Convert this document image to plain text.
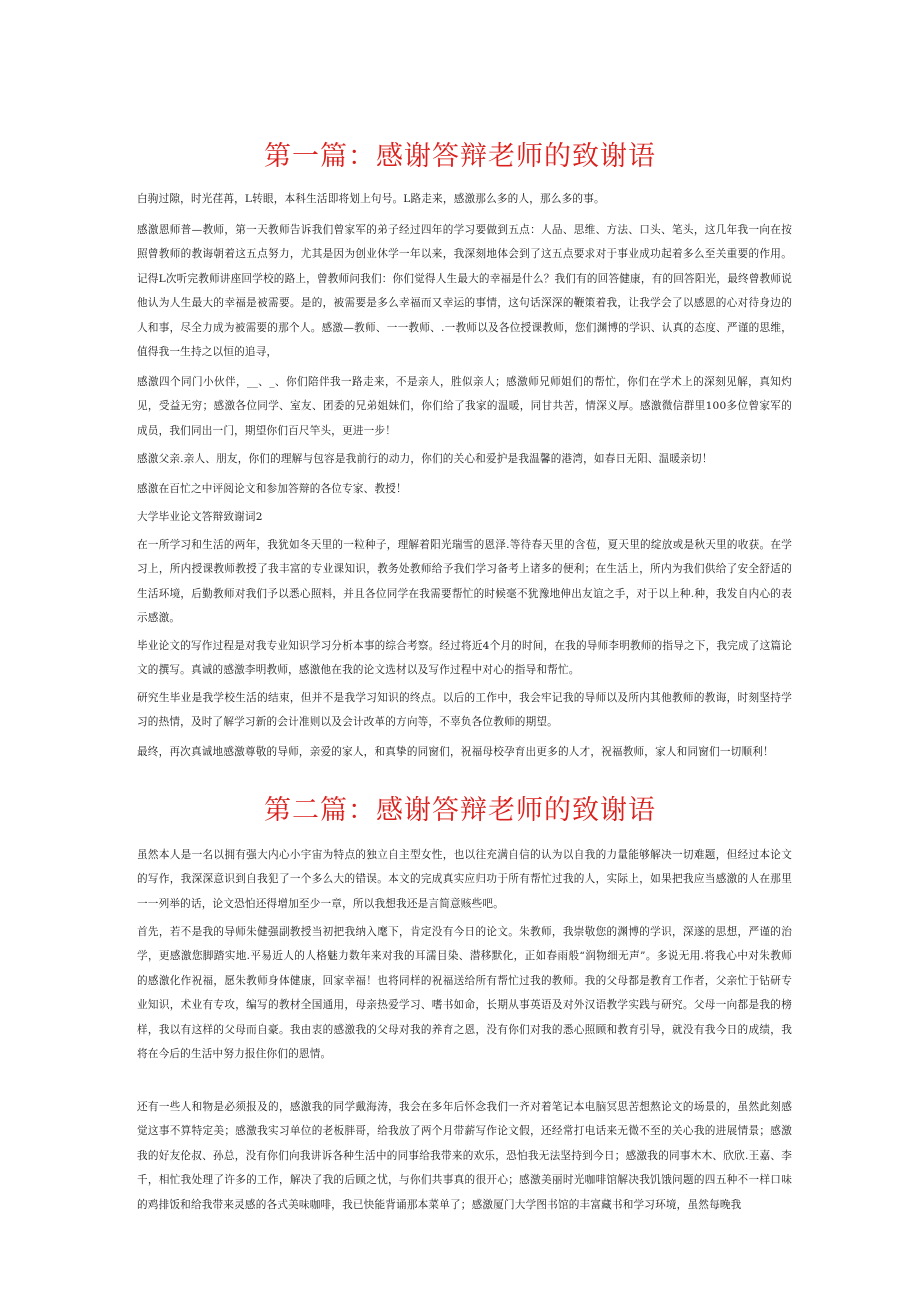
第一篇：感谢答辩老师的致谢语

白驹过隙，时光荏苒，L转眼，本科生活即将划上句号。L路走来，感激那么多的人，那么多的事。

感激恩师普—教师，第一天教师告诉我们曾家军的弟子经过四年的学习要做到五点：人品、思维、方法、口头、笔头，这几年我一向在按照曾教师的教诲朝着这五点努力，尤其是因为创业休学一年以来，我深刻地体会到了这五点要求对于事业成功起着多么至关重要的作用。记得L次听完教师讲座回学校的路上，曾教师问我们：你们觉得人生最大的幸福是什么？我们有的回答健康，有的回答阳光，最终曾教师说他认为人生最大的幸福是被需要。是的，被需要是多么幸福而又幸运的事情，这句话深深的鞭策着我，让我学会了以感恩的心对待身边的人和事，尽全力成为被需要的那个人。感激—教师、一一教师、.一教师以及各位授课教师，您们渊博的学识、认真的态度、严谨的思维，值得我一生持之以恒的追寻，

感激四个同门小伙伴，__、_、你们陪伴我一路走来，不是亲人，胜似亲人；感激师兄师姐们的帮忙，你们在学术上的深刻见解，真知灼见，受益无穷；感激各位同学、室友、团委的兄弟姐妹们，你们给了我家的温暖，同甘共苦，情深义厚。感激微信群里100多位曾家军的成员，我们同出一门，期望你们百尺竿头，更进一步！

感激父亲.亲人、朋友，你们的理解与包容是我前行的动力，你们的关心和爱护是我温馨的港湾，如春日无阳、温暖亲切！

感激在百忙之中评阅论文和参加答辩的各位专家、教授！

大学毕业论文答辩致谢词2

在一所学习和生活的两年，我犹如冬天里的一粒种子，理解着阳光瑞雪的恩泽.等待春天里的含苞，夏天里的绽放或是秋天里的收获。在学习上，所内授课教师教授了我丰富的专业课知识，教务处教师给予我们学习备考上诸多的便利；在生活上，所内为我们供给了安全舒适的生活环境，后勤教师对我们予以悉心照料，并且各位同学在我需要帮忙的时候毫不犹豫地伸出友谊之手，对于以上种.种，我发自内心的表示感激。

毕业论文的写作过程是对我专业知识学习分析本事的综合考察。经过将近4个月的时间，在我的导师李明教师的指导之下，我完成了这篇论文的撰写。真诚的感激李明教师，感激他在我的论文选材以及写作过程中对心的指导和帮忙。

研究生毕业是我学校生活的结束，但并不是我学习知识的终点。以后的工作中，我会牢记我的导师以及所内其他教师的教诲，时刻坚持学习的热情，及时了解学习新的会计准则以及会计改革的方向等，不辜负各位教师的期望。

最终，再次真诚地感激尊敬的导师，亲爱的家人，和真挚的同窗们，祝福母校孕育出更多的人才，祝福教师，家人和同窗们一切顺利！

第二篇：感谢答辩老师的致谢语

虽然本人是一名以拥有强大内心小宇宙为特点的独立自主型女性，也以往充满自信的认为以自我的力量能够解决一切难题，但经过本论文的写作，我深深意识到自我犯了一个多么大的错误。本文的完成真实应归功于所有帮忙过我的人，实际上，如果把我应当感激的人在那里一一列举的话，论文恐怕还得增加至少一章，所以我想我还是言简意赅些吧。

首先，若不是我的导师朱健强副教授当初把我纳入麾下，肯定没有今日的论文。朱教师，我崇敬您的渊博的学识，深遂的思想，严谨的治学，更感激您脚踏实地.平易近人的人格魅力数年来对我的耳濡目染、潜移默化，正如春雨般“润物细无声”。多说无用.将我心中对朱教师的感激化作祝福，愿朱教师身体健康，回家幸福！也将同样的祝福送给所有帮忙过我的教师。我的父母都是教育工作者，父亲忙于钻研专业知识，术业有专攻，编写的教材全国通用，母亲热爱学习、嗜书如命，长期从事英语及对外汉语教学实践与研究。父母一向都是我的榜样，我以有这样的父母而自豪。我由衷的感激我的父母对我的养育之恩，没有你们对我的悉心照顾和教育引导，就没有我今日的成绩，我将在今后的生活中努力报住你们的恩情。

还有一些人和物是必须报及的，感激我的同学戴海涛，我会在多年后怀念我们一齐对着笔记本电脑冥思苦想熬论文的场景的，虽然此刻感觉这事不算特定美；感激我实习单位的老板胖哥，给我放了两个月带薪写作论文假，还经常打电话来无微不至的关心我的进展情景；感激我的好友伦叔、孙总，没有你们向我讲诉各种生活中的同事给我带来的欢乐，恐怕我无法坚持到今日；感激我的同事木木、欣欣.王嘉、李千，相忙我处理了许多的工作，解决了我的后顾之忧，与你们共事真的很开心；感激美丽时光咖啡馆解决我饥饿问题的四五种不一样口味的鸡排饭和给我带来灵感的各式美味咖啡，我已快能背诵那本菜单了；感激厦门大学图书馆的丰富藏书和学习环境，虽然每晚我
